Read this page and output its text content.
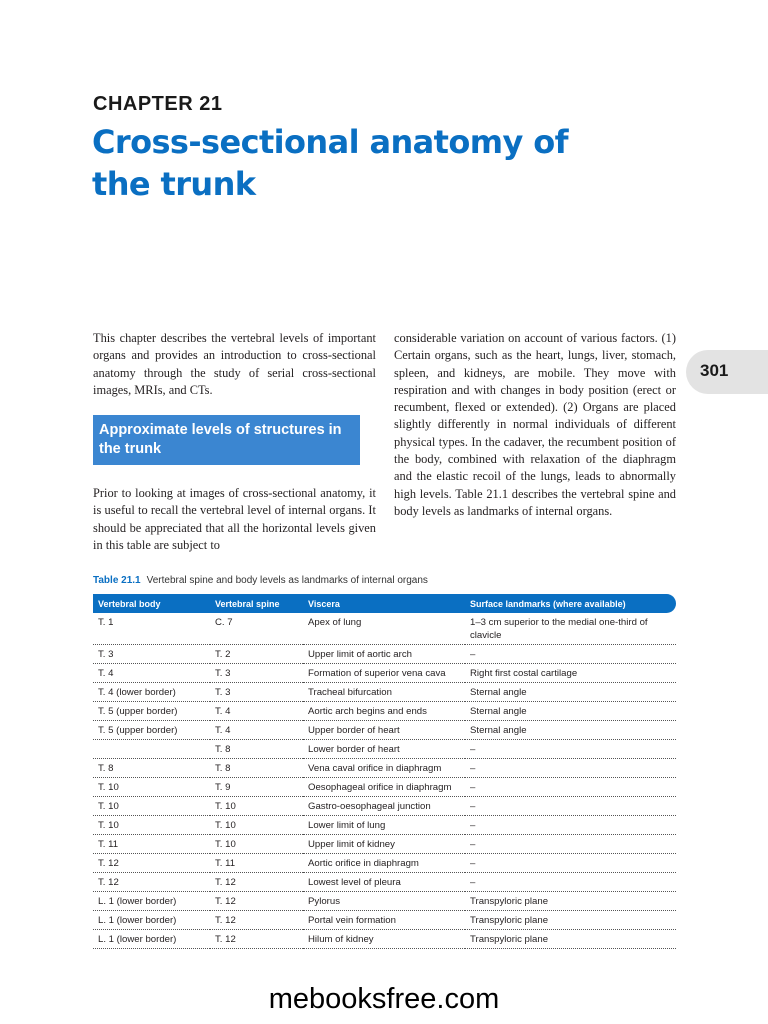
CHAPTER 21
Cross-sectional anatomy of the trunk
301

This chapter describes the vertebral levels of important organs and provides an introduction to cross-sectional anatomy through the study of serial cross-sectional images, MRIs, and CTs.

Approximate levels of structures in the trunk

Prior to looking at images of cross-sectional anatomy, it is useful to recall the vertebral level of internal organs. It should be appreciated that all the horizontal levels given in this table are subject to

considerable variation on account of various factors. (1) Certain organs, such as the heart, lungs, liver, stomach, spleen, and kidneys, are mobile. They move with respiration and with changes in body position (erect or recumbent, flexed or extended). (2) Organs are placed slightly differently in normal individuals of different physical types. In the cadaver, the recumbent position of the body, combined with relaxation of the diaphragm and the elastic recoil of the lungs, leads to abnormally high levels. Table 21.1 describes the vertebral spine and body levels as landmarks of internal organs.

Table 21.1 Vertebral spine and body levels as landmarks of internal organs
Vertebral body	Vertebral spine	Viscera	Surface landmarks (where available)
T. 1	C. 7	Apex of lung	1–3 cm superior to the medial one-third of clavicle
T. 3	T. 2	Upper limit of aortic arch	–
T. 4	T. 3	Formation of superior vena cava	Right first costal cartilage
T. 4 (lower border)	T. 3	Tracheal bifurcation	Sternal angle
T. 5 (upper border)	T. 4	Aortic arch begins and ends	Sternal angle
T. 5 (upper border)	T. 4	Upper border of heart	Sternal angle
	T. 8	Lower border of heart	–
T. 8	T. 8	Vena caval orifice in diaphragm	–
T. 10	T. 9	Oesophageal orifice in diaphragm	–
T. 10	T. 10	Gastro-oesophageal junction	–
T. 10	T. 10	Lower limit of lung	–
T. 11	T. 10	Upper limit of kidney	–
T. 12	T. 11	Aortic orifice in diaphragm	–
T. 12	T. 12	Lowest level of pleura	–
L. 1 (lower border)	T. 12	Pylorus	Transpyloric plane
L. 1 (lower border)	T. 12	Portal vein formation	Transpyloric plane
L. 1 (lower border)	T. 12	Hilum of kidney	Transpyloric plane
mebooksfree.com
